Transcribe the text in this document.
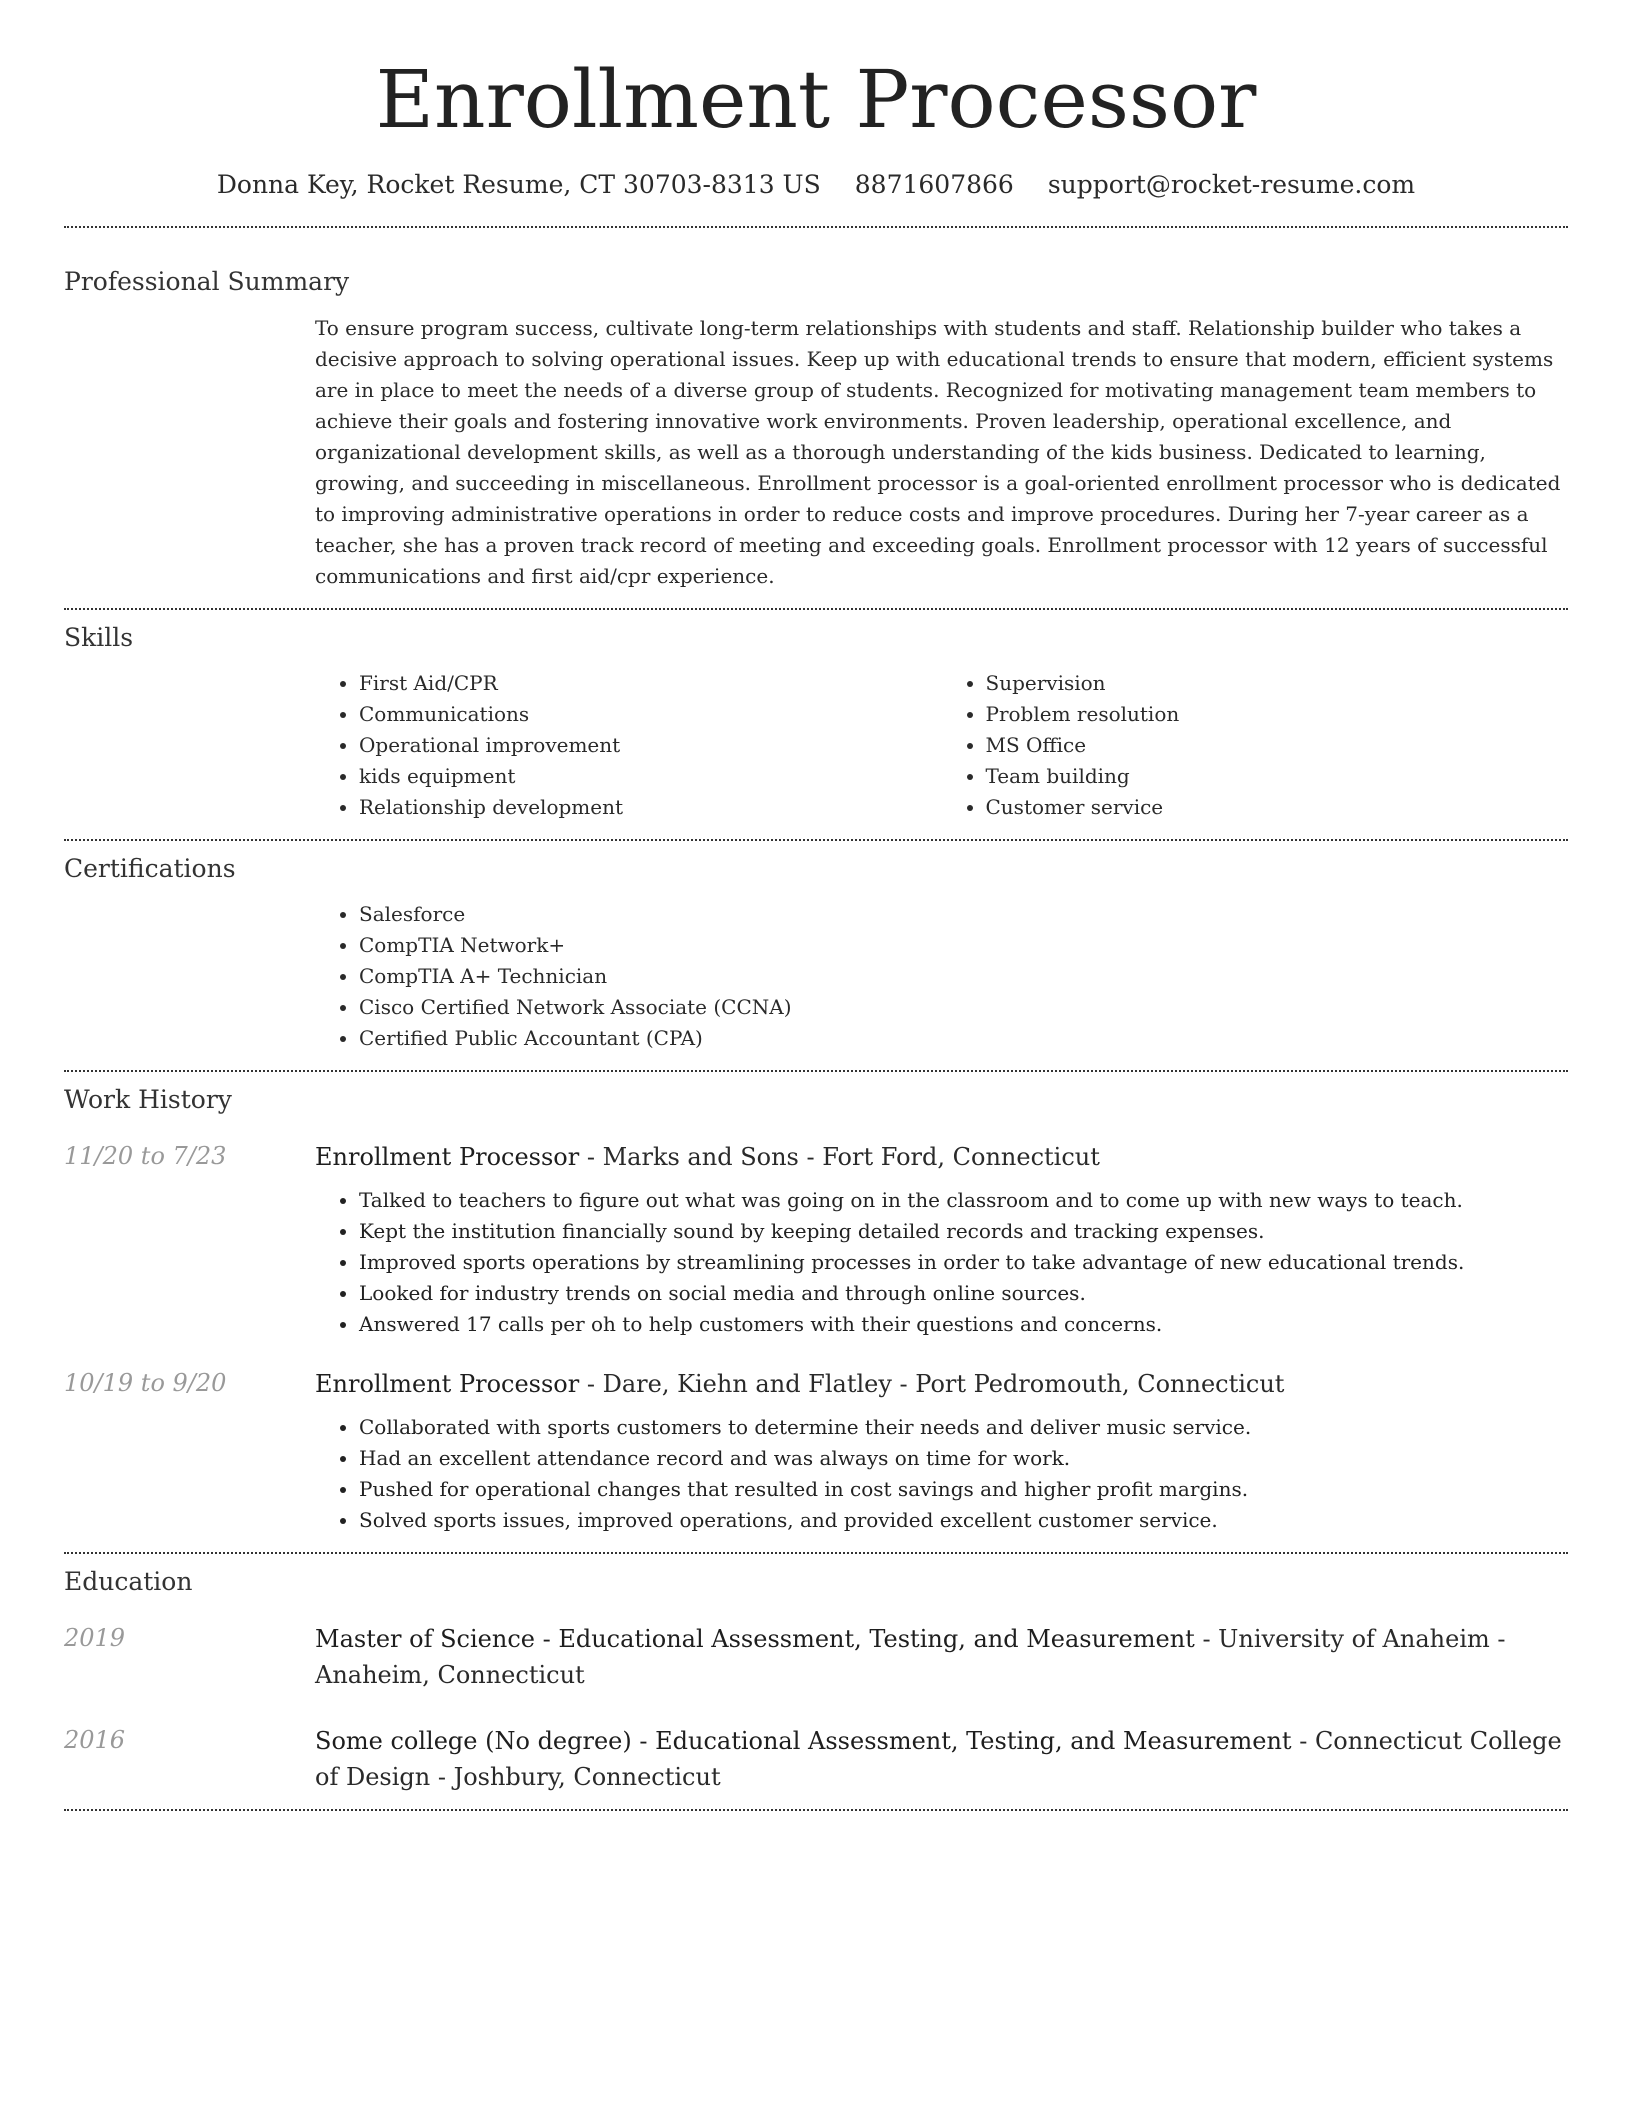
Enrollment Processor
Donna Key, Rocket Resume, CT 30703-8313 US 8871607866 support@rocket-resume.com
Professional Summary

To ensure program success, cultivate long-term relationships with students and staff. Relationship builder who takes a decisive approach to solving operational issues. Keep up with educational trends to ensure that modern, efficient systems are in place to meet the needs of a diverse group of students. Recognized for motivating management team members to achieve their goals and fostering innovative work environments. Proven leadership, operational excellence, and organizational development skills, as well as a thorough understanding of the kids business. Dedicated to learning, growing, and succeeding in miscellaneous. Enrollment processor is a goal-oriented enrollment processor who is dedicated to improving administrative operations in order to reduce costs and improve procedures. During her 7-year career as a teacher, she has a proven track record of meeting and exceeding goals. Enrollment processor with 12 years of successful communications and first aid/cpr experience.

Skills
• First Aid/CPR
• Communications
• Operational improvement
• kids equipment
• Relationship development
• Supervision
• Problem resolution
• MS Office
• Team building
• Customer service
Certifications
• Salesforce
• CompTIA Network+
• CompTIA A+ Technician
• Cisco Certified Network Associate (CCNA)
• Certified Public Accountant (CPA)
Work History
11/20 to 7/23	Enrollment Processor - Marks and Sons - Fort Ford, Connecticut
• Talked to teachers to figure out what was going on in the classroom and to come up with new ways to teach.
• Kept the institution financially sound by keeping detailed records and tracking expenses.
• Improved sports operations by streamlining processes in order to take advantage of new educational trends.
• Looked for industry trends on social media and through online sources.
• Answered 17 calls per oh to help customers with their questions and concerns.
10/19 to 9/20	Enrollment Processor - Dare, Kiehn and Flatley - Port Pedromouth, Connecticut
• Collaborated with sports customers to determine their needs and deliver music service.
• Had an excellent attendance record and was always on time for work.
• Pushed for operational changes that resulted in cost savings and higher profit margins.
• Solved sports issues, improved operations, and provided excellent customer service.
Education
2019	Master of Science - Educational Assessment, Testing, and Measurement - University of Anaheim - Anaheim, Connecticut
2016	Some college (No degree) - Educational Assessment, Testing, and Measurement - Connecticut College of Design - Joshbury, Connecticut
